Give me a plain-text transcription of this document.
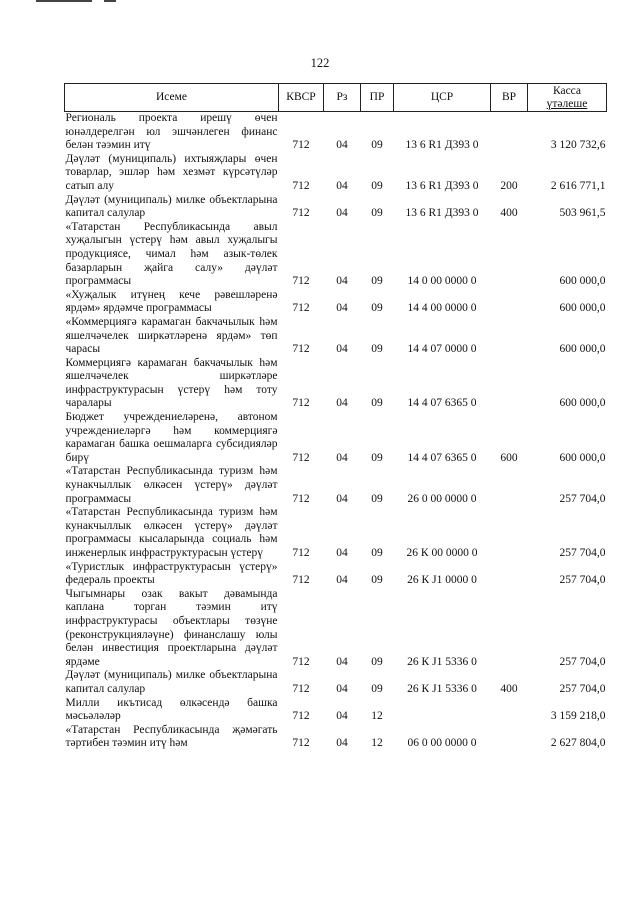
122
Исеме	КВСР	Рз	ПР	ЦСР	ВР	Касса
үтәлеше

Региональ проекта ирешү өчен юнәлдерелгән юл эшчәнлеген финанс белән тәэмин итү	712	04	09	13 6 R1 Д393 0		3 120 732,6
Дәүләт (муниципаль) ихтыяҗлары өчен товарлар, эшләр һәм хезмәт күрсәтүләр сатып алу	712	04	09	13 6 R1 Д393 0	200	2 616 771,1
Дәүләт (муниципаль) милке объектларына капитал салулар	712	04	09	13 6 R1 Д393 0	400	503 961,5
«Татарстан Республикасында авыл хуҗалыгын үстерү һәм авыл хуҗалыгы продукциясе, чимал һәм азык-төлек базарларын җайга салу» дәүләт программасы	712	04	09	14 0 00 0000 0		600 000,0
«Хуҗалык итүнең кече рәвешләренә ярдәм» ярдәмче программасы	712	04	09	14 4 00 0000 0		600 000,0
«Коммерциягә карамаган бакчачылык һәм яшелчәчелек ширкәтләренә ярдәм» төп чарасы	712	04	09	14 4 07 0000 0		600 000,0
Коммерциягә карамаган бакчачылык һәм яшелчәчелек ширкәтләре инфраструктурасын үстерү һәм тоту чаралары	712	04	09	14 4 07 6365 0		600 000,0
Бюджет учреждениеләренә, автоном учреждениеләргә һәм коммерциягә карамаган башка оешмаларга субсидияләр бирү	712	04	09	14 4 07 6365 0	600	600 000,0
«Татарстан Республикасында туризм һәм кунакчыллык өлкәсен үстерү» дәүләт программасы	712	04	09	26 0 00 0000 0		257 704,0
«Татарстан Республикасында туризм һәм кунакчыллык өлкәсен үстерү» дәүләт программасы кысаларында социаль һәм инженерлык инфраструктурасын үстерү	712	04	09	26 К 00 0000 0		257 704,0
«Туристлык инфраструктурасын үстерү» федераль проекты	712	04	09	26 К J1 0000 0		257 704,0
Чыгымнары озак вакыт дәвамында каплана торган тәэмин итү инфраструктурасы объектлары төзүне (реконструкцияләүне) финанслашу юлы белән инвестиция проектларына дәүләт ярдәме	712	04	09	26 К J1 5336 0		257 704,0
Дәүләт (муниципаль) милке объектларына капитал салулар	712	04	09	26 К J1 5336 0	400	257 704,0
Милли икътисад өлкәсендә башка мәсьәләләр	712	04	12			3 159 218,0
«Татарстан Республикасында җәмәгать тәртибен тәэмин итү һәм	712	04	12	06 0 00 0000 0		2 627 804,0
